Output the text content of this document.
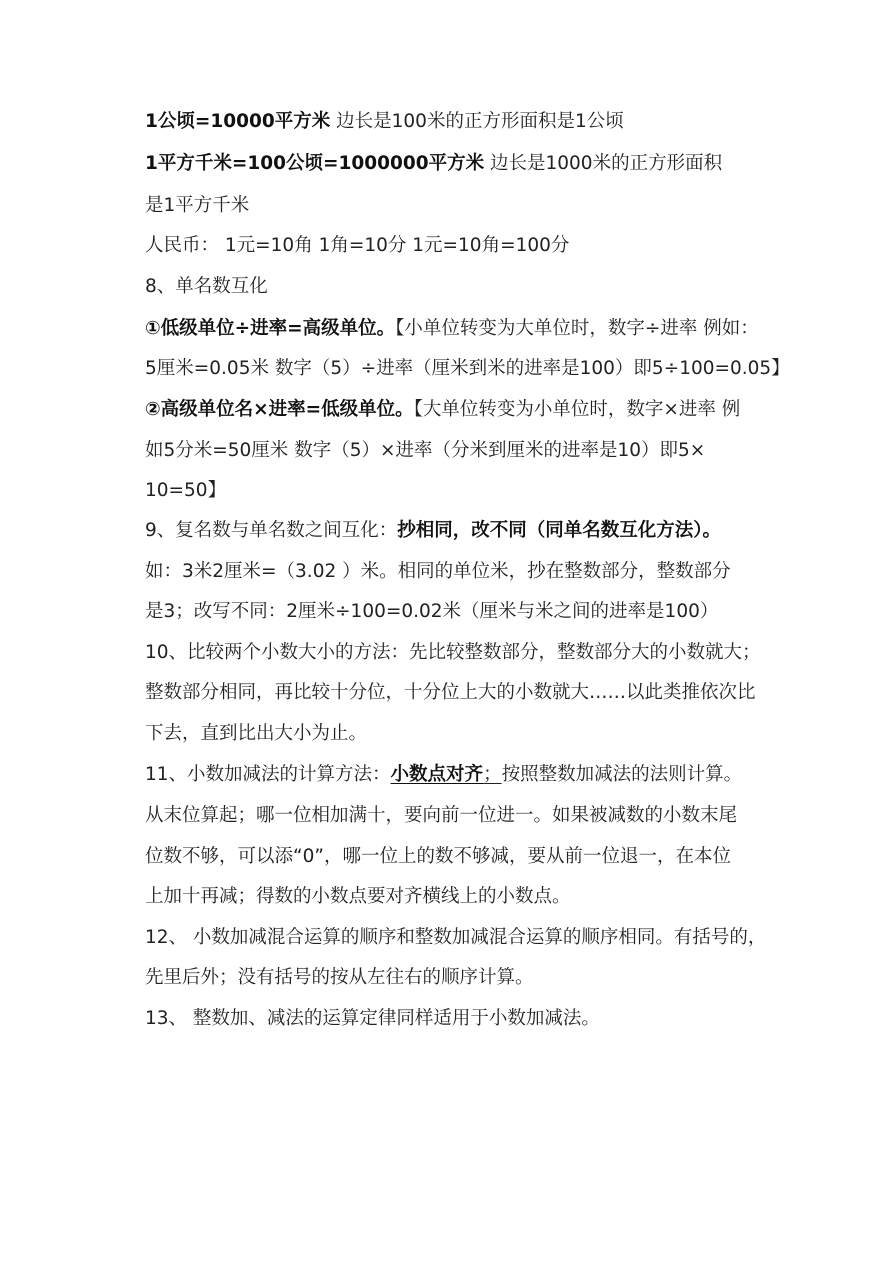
1公顷=10000平方米 边长是100米的正方形面积是1公顷
1平方千米=100公顷=1000000平方米 边长是1000米的正方形面积
是1平方千米
人民币： 1元=10角 1角=10分 1元=10角=100分
8、单名数互化
①低级单位÷进率=高级单位。【小单位转变为大单位时，数字÷进率 例如：
5厘米=0.05米 数字（5）÷进率（厘米到米的进率是100）即5÷100=0.05】
②高级单位名×进率=低级单位。【大单位转变为小单位时，数字×进率 例
如5分米=50厘米 数字（5）×进率（分米到厘米的进率是10）即5×
10=50】
9、复名数与单名数之间互化：抄相同，改不同（同单名数互化方法）。
如：3米2厘米=（3.02 ）米。相同的单位米，抄在整数部分，整数部分
是3；改写不同：2厘米÷100=0.02米（厘米与米之间的进率是100）
10、比较两个小数大小的方法：先比较整数部分，整数部分大的小数就大；
整数部分相同，再比较十分位，十分位上大的小数就大……以此类推依次比
下去，直到比出大小为止。
11、小数加减法的计算方法：小数点对齐；按照整数加减法的法则计算。
从末位算起；哪一位相加满十，要向前一位进一。如果被减数的小数末尾
位数不够，可以添“0”，哪一位上的数不够减，要从前一位退一，在本位
上加十再减；得数的小数点要对齐横线上的小数点。
12、 小数加减混合运算的顺序和整数加减混合运算的顺序相同。有括号的，
先里后外；没有括号的按从左往右的顺序计算。
13、 整数加、减法的运算定律同样适用于小数加减法。
